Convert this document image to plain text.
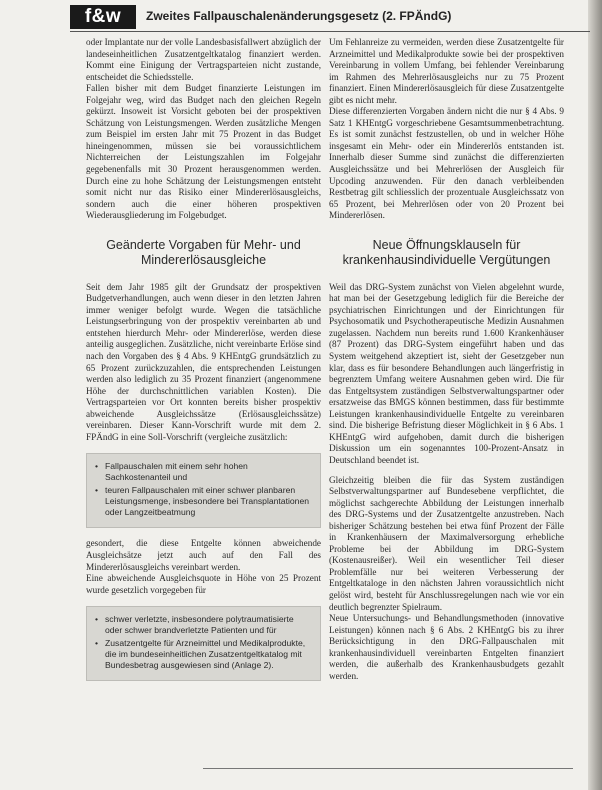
f&w	Zweites Fallpauschalenänderungsgesetz (2. FPÄndG)

oder Implantate nur der volle Landesbasisfallwert abzüglich der landeseinheitlichen Zusatzentgeltkatalog finanziert werden. Kommt eine Einigung der Vertragsparteien nicht zustande, entscheidet die Schiedsstelle.

Fallen bisher mit dem Budget finanzierte Leistungen im Folgejahr weg, wird das Budget nach den gleichen Regeln gekürzt. Insoweit ist Vorsicht geboten bei der prospektiven Schätzung von Leistungsmengen. Werden zusätzliche Mengen zum Beispiel im ersten Jahr mit 75 Prozent in das Budget hineingenommen, müssen sie bei voraussichtlichem Nichterreichen der Leistungszahlen im Folgejahr gegebenenfalls mit 30 Prozent herausgenommen werden. Durch eine zu hohe Schätzung der Leistungsmengen entsteht somit nicht nur das Risiko einer Mindererlösausgleichs, sondern auch die einer höheren prospektiven Wiederausgliederung im Folgebudget.

Geänderte Vorgaben für Mehr- und Mindererlösausgleiche

Seit dem Jahr 1985 gilt der Grundsatz der prospektiven Budgetverhandlungen, auch wenn dieser in den letzten Jahren immer weniger befolgt wurde. Wegen die tatsächliche Leistungserbringung von der prospektiv vereinbarten ab und entstehen hierdurch Mehr- oder Mindererlöse, werden diese anteilig ausgeglichen. Zusätzliche, nicht vereinbarte Erlöse sind nach den Vorgaben des § 4 Abs. 9 KHEntgG grundsätzlich zu 65 Prozent zurückzuzahlen, die entsprechenden Leistungen werden also lediglich zu 35 Prozent finanziert (angenommene Höhe der durchschnittlichen variablen Kosten). Die Vertragsparteien vor Ort konnten bereits bisher prospektiv abweichende Ausgleichssätze (Erlösausgleichssätze) vereinbaren. Dieser Kann-Vorschrift wurde mit dem 2. FPÄndG in eine Soll-Vorschrift (vergleiche zusätzlich:

• Fallpauschalen mit einem sehr hohen Sachkostenanteil und
• teuren Fallpauschalen mit einer schwer planbaren Leistungsmenge, insbesondere bei Transplantationen oder Langzeitbeatmung

gesondert, die diese Entgelte können abweichende Ausgleichsätze jetzt auch auf den Fall des Mindererlösausgleichs vereinbart werden.

Eine abweichende Ausgleichsquote in Höhe von 25 Prozent wurde gesetzlich vorgegeben für

• schwer verletzte, insbesondere polytraumatisierte oder schwer brandverletzte Patienten und für
• Zusatzentgelte für Arzneimittel und Medikalprodukte, die im bundeseinheitlichen Zusatzentgeltkatalog mit Bundesbetrag ausgewiesen sind (Anlage 2).

Um Fehlanreize zu vermeiden, werden diese Zusatzentgelte für Arzneimittel und Medikalprodukte sowie bei der prospektiven Vereinbarung in vollem Umfang, bei fehlender Vereinbarung im Rahmen des Mehrerlösausgleichs nur zu 75 Prozent finanziert. Einen Mindererlösausgleich für diese Zusatzentgelte gibt es nicht mehr.

Diese differenzierten Vorgaben ändern nicht die nur § 4 Abs. 9 Satz 1 KHEntgG vorgeschriebene Gesamtsummenbetrachtung. Es ist somit zunächst festzustellen, ob und in welcher Höhe insgesamt ein Mehr- oder ein Mindererlös entstanden ist. Innerhalb dieser Summe sind zunächst die differenzierten Ausgleichssätze und bei Mehrerlösen der Ausgleich für Upcoding anzuwenden. Für den danach verbleibenden Restbetrag gilt schliesslich der prozentuale Ausgleichssatz von 65 Prozent, bei Mehrerlösen oder von 20 Prozent bei Mindererlösen.

Neue Öffnungsklauseln für krankenhausindividuelle Vergütungen

Weil das DRG-System zunächst von Vielen abgelehnt wurde, hat man bei der Gesetzgebung lediglich für die Bereiche der psychiatrischen Einrichtungen und der Einrichtungen für Psychosomatik und Psychotherapeutische Medizin Ausnahmen zugelassen. Nachdem nun bereits rund 1.600 Krankenhäuser (87 Prozent) das DRG-System eingeführt haben und das System weitgehend akzeptiert ist, sieht der Gesetzgeber nun klar, dass es für besondere Behandlungen auch längerfristig in begrenztem Umfang weitere Ausnahmen geben wird. Die für das Entgeltsystem zuständigen Selbstverwaltungspartner oder ersatzweise das BMGS können bestimmen, dass für bestimmte Leistungen krankenhausindividuelle Entgelte zu vereinbaren sind. Die bisherige Befristung dieser Möglichkeit in § 6 Abs. 1 KHEntgG wird aufgehoben, damit durch die bisherigen Diskussion um ein sogenanntes 100-Prozent-Ansatz in Deutschland beendet ist.

Gleichzeitig bleiben die für das System zuständigen Selbstverwaltungspartner auf Bundesebene verpflichtet, die möglichst sachgerechte Abbildung der Leistungen innerhalb des DRG-Systems und der Zusatzentgelte anzustreben. Nach bisheriger Schätzung bestehen bei etwa fünf Prozent der Fälle in Krankenhäusern der Maximalversorgung erhebliche Probleme bei der Abbildung im DRG-System (Kostenausreißer). Weil ein wesentlicher Teil dieser Problemfälle nur bei weiteren Verbesserung der Entgeltkataloge in den nächsten Jahren voraussichtlich nicht gelöst wird, besteht für Anschlussregelungen nach wie vor ein deutlich begrenzter Spielraum.

Neue Untersuchungs- und Behandlungsmethoden (innovative Leistungen) können nach § 6 Abs. 2 KHEntgG bis zu ihrer Berücksichtigung in den DRG-Fallpauschalen mit krankenhausindividuell vereinbarten Entgelten finanziert werden, die außerhalb des Krankenhausbudgets gezahlt werden.
